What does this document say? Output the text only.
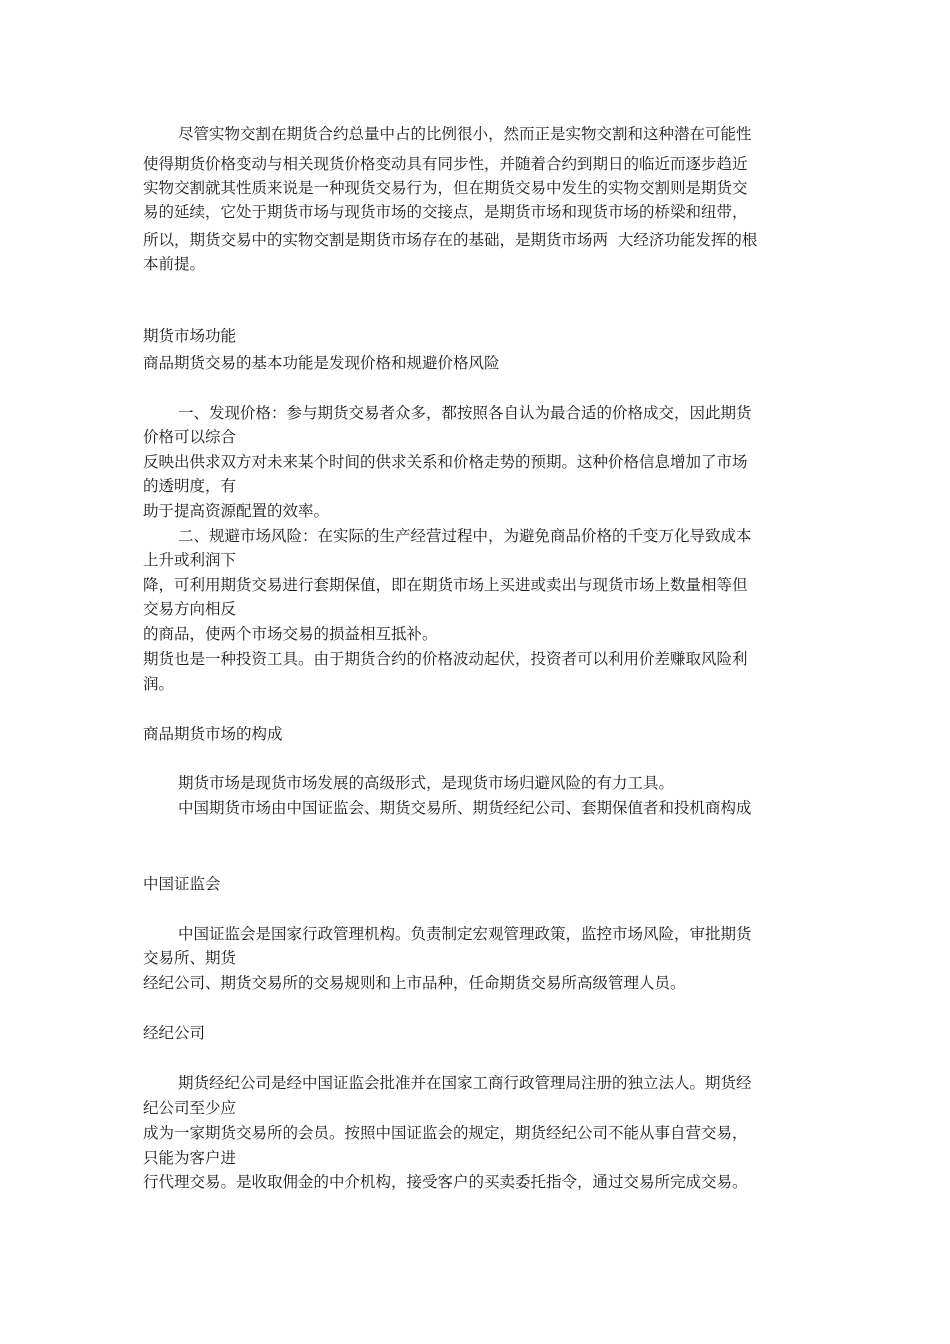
尽管实物交割在期货合约总量中占的比例很小，然而正是实物交割和这种潜在可能性
使得期货价格变动与相关现货价格变动具有同步性，并随着合约到期日的临近而逐步趋近
实物交割就其性质来说是一种现货交易行为，但在期货交易中发生的实物交割则是期货交
易的延续，它处于期货市场与现货市场的交接点，是期货市场和现货市场的桥梁和纽带，
所以，期货交易中的实物交割是期货市场存在的基础，是期货市场两  大经济功能发挥的根
本前提。
期货市场功能
商品期货交易的基本功能是发现价格和规避价格风险
一、发现价格：参与期货交易者众多，都按照各自认为最合适的价格成交，因此期货
价格可以综合
反映出供求双方对未来某个时间的供求关系和价格走势的预期。这种价格信息增加了市场
的透明度，有
助于提高资源配置的效率。
二、规避市场风险：在实际的生产经营过程中，为避免商品价格的千变万化导致成本
上升或利润下
降，可利用期货交易进行套期保值，即在期货市场上买进或卖出与现货市场上数量相等但
交易方向相反
的商品，使两个市场交易的损益相互抵补。
期货也是一种投资工具。由于期货合约的价格波动起伏，投资者可以利用价差赚取风险利
润。
商品期货市场的构成
期货市场是现货市场发展的高级形式，是现货市场归避风险的有力工具。
中国期货市场由中国证监会、期货交易所、期货经纪公司、套期保值者和投机商构成
中国证监会
中国证监会是国家行政管理机构。负责制定宏观管理政策，监控市场风险，审批期货
交易所、期货
经纪公司、期货交易所的交易规则和上市品种，任命期货交易所高级管理人员。
经纪公司
期货经纪公司是经中国证监会批准并在国家工商行政管理局注册的独立法人。期货经
纪公司至少应
成为一家期货交易所的会员。按照中国证监会的规定，期货经纪公司不能从事自营交易，
只能为客户进
行代理交易。是收取佣金的中介机构，接受客户的买卖委托指令，通过交易所完成交易。
